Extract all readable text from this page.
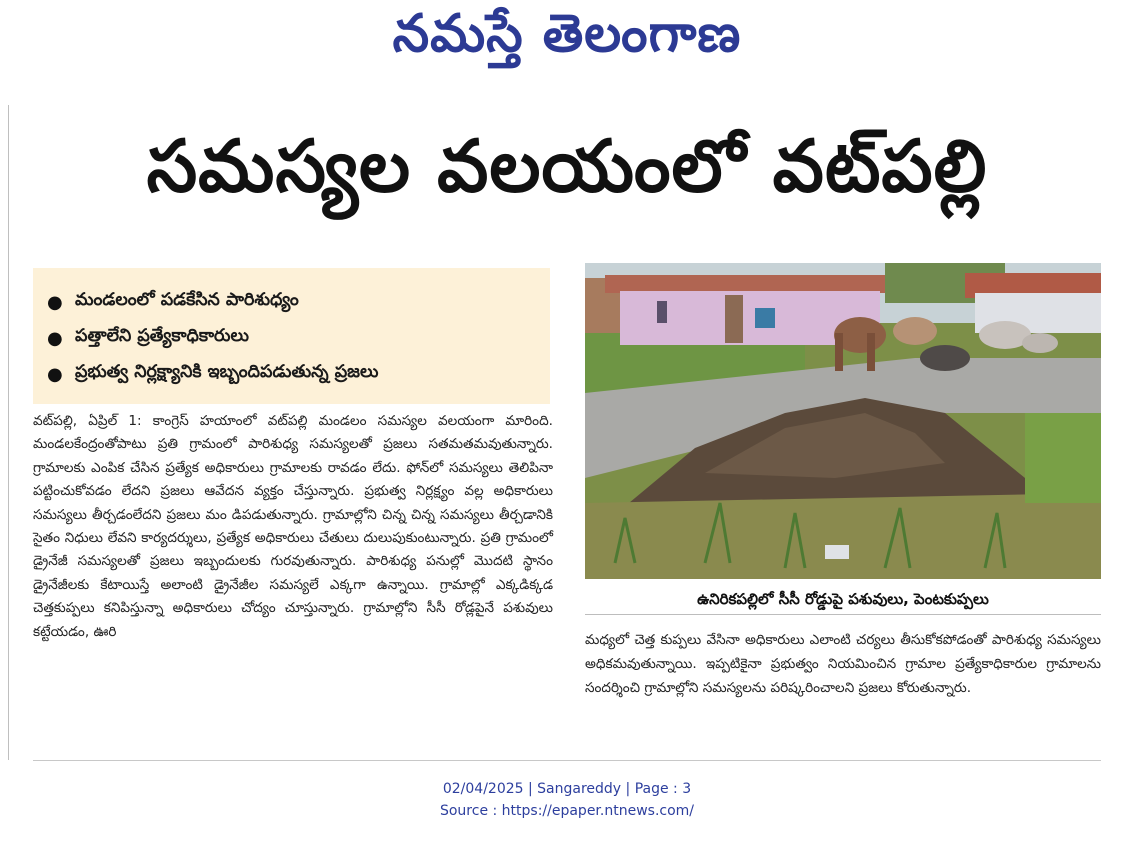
నమస్తే తెలంగాణ
సమస్యల వలయంలో వట్‌పల్లి
● మండలంలో పడకేసిన పారిశుధ్యం
● పత్తాలేని ప్రత్యేకాధికారులు
● ప్రభుత్వ నిర్లక్ష్యానికి ఇబ్బందిపడుతున్న ప్రజలు
వట్‌పల్లి, ఏప్రిల్ 1: కాంగ్రెస్ హయాంలో వట్‌పల్లి మండలం సమస్యల వలయంగా మారింది. మండలకేంద్రంతోపాటు ప్రతి గ్రామంలో పారిశుధ్య సమస్యలతో ప్రజలు సతమతమవుతున్నారు. గ్రామాలకు ఎంపిక చేసిన ప్రత్యేక అధికారులు గ్రామాలకు రావడం లేదు. ఫోన్‌లో సమస్యలు తెలిపినా పట్టించుకోవడం లేదని ప్రజలు ఆవేదన వ్యక్తం చేస్తున్నారు. ప్రభుత్వ నిర్లక్ష్యం వల్ల అధికారులు సమస్యలు తీర్చడంలేదని ప్రజలు మం డిపడుతున్నారు. గ్రామాల్లోని చిన్న చిన్న సమస్యలు తీర్చడానికి సైతం నిధులు లేవని కార్యదర్శులు, ప్రత్యేక అధికారులు చేతులు దులుపుకుంటున్నారు. ప్రతి గ్రామంలో డ్రైనేజీ సమస్యలతో ప్రజలు ఇబ్బందులకు గురవుతున్నారు. పారిశుధ్య పనుల్లో మొదటి స్థానం డ్రైనేజీలకు కేటాయిస్తే అలాంటి డ్రైనేజీల సమస్యలే ఎక్కగా ఉన్నాయి. గ్రామాల్లో ఎక్కడిక్కడ చెత్తకుప్పలు కనిపిస్తున్నా అధికారులు చోద్యం చూస్తున్నారు. గ్రామాల్లోని సీసీ రోడ్లపైనే పశువులు కట్టేయడం, ఊరి
ఉనిరికపల్లిలో సీసీ రోడ్డుపై పశువులు, పెంటకుప్పలు
మధ్యలో చెత్త కుప్పలు వేసినా అధికారులు ఎలాంటి చర్యలు తీసుకోకపోడంతో పారిశుధ్య సమస్యలు అధికమవుతున్నాయి. ఇప్పటికైనా ప్రభుత్వం నియమించిన గ్రామాల ప్రత్యేకాధికారుల గ్రామాలను సందర్శించి గ్రామాల్లోని సమస్యలను పరిష్కరించాలని ప్రజలు కోరుతున్నారు.
02/04/2025 | Sangareddy | Page : 3
Source : https://epaper.ntnews.com/
